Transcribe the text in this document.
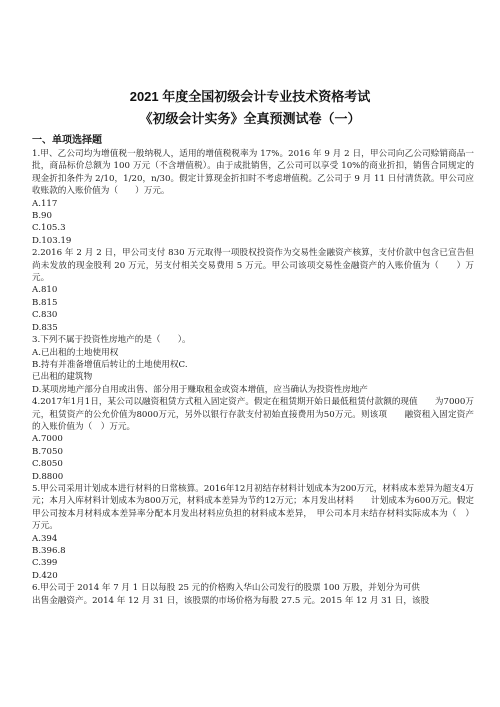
2021 年度全国初级会计专业技术资格考试
《初级会计实务》全真预测试卷（一）
一、单项选择题
1.甲、乙公司均为增值税一般纳税人，适用的增值税税率为 17%。2016 年 9 月 2 日，甲公司向乙公司赊销商品一批，商品标价总额为 100 万元（不含增值税）。由于成批销售，乙公司可以享受 10%的商业折扣，销售合同规定的现金折扣条件为 2/10，1/20，n/30。假定计算现金折扣时不考虑增值税。乙公司于 9 月 11 日付清货款。甲公司应收账款的入账价值为（　　）万元。
A.117
B.90
C.105.3
D.103.19
2.2016 年 2 月 2 日，甲公司支付 830 万元取得一项股权投资作为交易性金融资产核算，支付价款中包含已宣告但尚未发放的现金股利 20 万元，另支付相关交易费用 5 万元。甲公司该项交易性金融资产的入账价值为（　　）万元。
A.810
B.815
C.830
D.835
3.下列不属于投资性房地产的是（　　）。
A.已出租的土地使用权
B.持有并准备增值后转让的土地使用权C.
已出租的建筑物
D.某项房地产部分自用或出售、部分用于赚取租金或资本增值，应当确认为投资性房地产
4.2017年1月1日，某公司以融资租赁方式租入固定资产。假定在租赁期开始日最低租赁付款额的现值　　为7000万元，租赁资产的公允价值为8000万元，另外以银行存款支付初始直接费用为50万元。则该项　　融资租入固定资产的入账价值为（　）万元。
A.7000
B.7050
C.8050
D.8800
5.甲公司采用计划成本进行材料的日常核算。2016年12月初结存材料计划成本为200万元，材料成本差异为超支4万元；本月入库材料计划成本为800万元，材料成本差异为节约12万元；本月发出材料　　计划成本为600万元。假定甲公司按本月材料成本差异率分配本月发出材料应负担的材料成本差异，　甲公司本月末结存材料实际成本为（　）万元。
A.394
B.396.8
C.399
D.420
6.甲公司于 2014 年 7 月 1 日以每股 25 元的价格购入华山公司发行的股票 100 万股，并划分为可供
出售金融资产。2014 年 12 月 31 日，该股票的市场价格为每股 27.5 元。2015 年 12 月 31 日，该股
